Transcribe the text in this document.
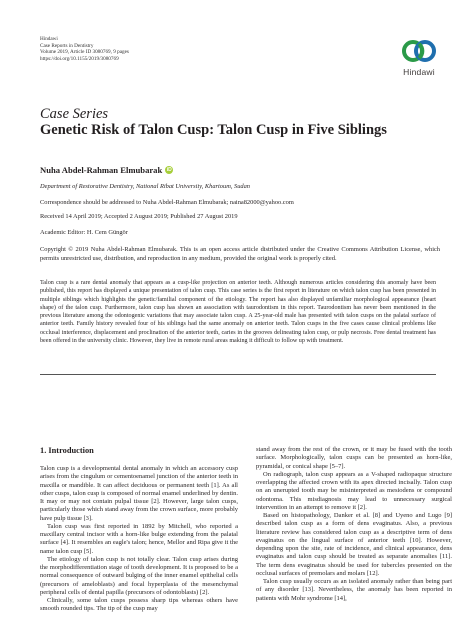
Hindawi
Case Reports in Dentistry
Volume 2019, Article ID 3080769, 9 pages
https://doi.org/10.1155/2019/3080769
Hindawi
Case Series
Genetic Risk of Talon Cusp: Talon Cusp in Five Siblings
Nuha Abdel-Rahman Elmubarak iD
Department of Restorative Dentistry, National Ribat University, Khartoum, Sudan
Correspondence should be addressed to Nuha Abdel-Rahman Elmubarak; naina82000@yahoo.com
Received 14 April 2019; Accepted 2 August 2019; Published 27 August 2019
Academic Editor: H. Cem Güngör
Copyright © 2019 Nuha Abdel-Rahman Elmubarak. This is an open access article distributed under the Creative Commons Attribution License, which permits unrestricted use, distribution, and reproduction in any medium, provided the original work is properly cited.
Talon cusp is a rare dental anomaly that appears as a cusp-like projection on anterior teeth. Although numerous articles considering this anomaly have been published, this report has displayed a unique presentation of talon cusp. This case series is the first report in literature on which talon cusp has been presented in multiple siblings which highlights the genetic/familial component of the etiology. The report has also displayed unfamiliar morphological appearance (heart shape) of the talon cusp. Furthermore, talon cusp has shown an association with taurodontism in this report. Taurodontism has never been mentioned in the previous literature among the odontogenic variations that may associate talon cusp. A 25-year-old male has presented with talon cusps on the palatal surface of anterior teeth. Family history revealed four of his siblings had the same anomaly on anterior teeth. Talon cusps in the five cases cause clinical problems like occlusal interference, displacement and proclination of the anterior teeth, caries in the grooves delineating talon cusp, or pulp necrosis. Free dental treatment has been offered in the university clinic. However, they live in remote rural areas making it difficult to follow up with treatment.
1. Introduction

Talon cusp is a developmental dental anomaly in which an accessory cusp arises from the cingulum or cementoenamel junction of the anterior teeth in maxilla or mandible. It can affect deciduous or permanent teeth [1]. As all other cusps, talon cusp is composed of normal enamel underlined by dentin. It may or may not contain pulpal tissue [2]. However, large talon cusps, particularly those which stand away from the crown surface, more probably have pulp tissue [3].

Talon cusp was first reported in 1892 by Mitchell, who reported a maxillary central incisor with a horn-like bulge extending from the palatal surface [4]. It resembles an eagle's talon; hence, Mellor and Ripa give it the name talon cusp [5].

The etiology of talon cusp is not totally clear. Talon cusp arises during the morphodifferentiation stage of tooth development. It is proposed to be a normal consequence of outward bulging of the inner enamel epithelial cells (precursors of ameloblasts) and focal hyperplasia of the mesenchymal peripheral cells of dental papilla (precursors of odontoblasts) [2].

Clinically, some talon cusps possess sharp tips whereas others have smooth rounded tips. The tip of the cusp may

stand away from the rest of the crown, or it may be fused with the tooth surface. Morphologically, talon cusps can be presented as horn-like, pyramidal, or conical shape [5–7].

On radiograph, talon cusp appears as a V-shaped radiopaque structure overlapping the affected crown with its apex directed incisally. Talon cusp on an unerupted tooth may be misinterpreted as mesiodens or compound odontoma. This misdiagnosis may lead to unnecessary surgical intervention in an attempt to remove it [2].

Based on histopathology, Danker et al. [8] and Uyeno and Lugo [9] described talon cusp as a form of dens evaginatus. Also, a previous literature review has considered talon cusp as a descriptive term of dens evaginatus on the lingual surface of anterior teeth [10]. However, depending upon the site, rate of incidence, and clinical appearance, dens evaginatus and talon cusp should be treated as separate anomalies [11]. The term dens evaginatus should be used for tubercles presented on the occlusal surfaces of premolars and molars [12].

Talon cusp usually occurs as an isolated anomaly rather than being part of any disorder [13]. Nevertheless, the anomaly has been reported in patients with Mohr syndrome [14],
